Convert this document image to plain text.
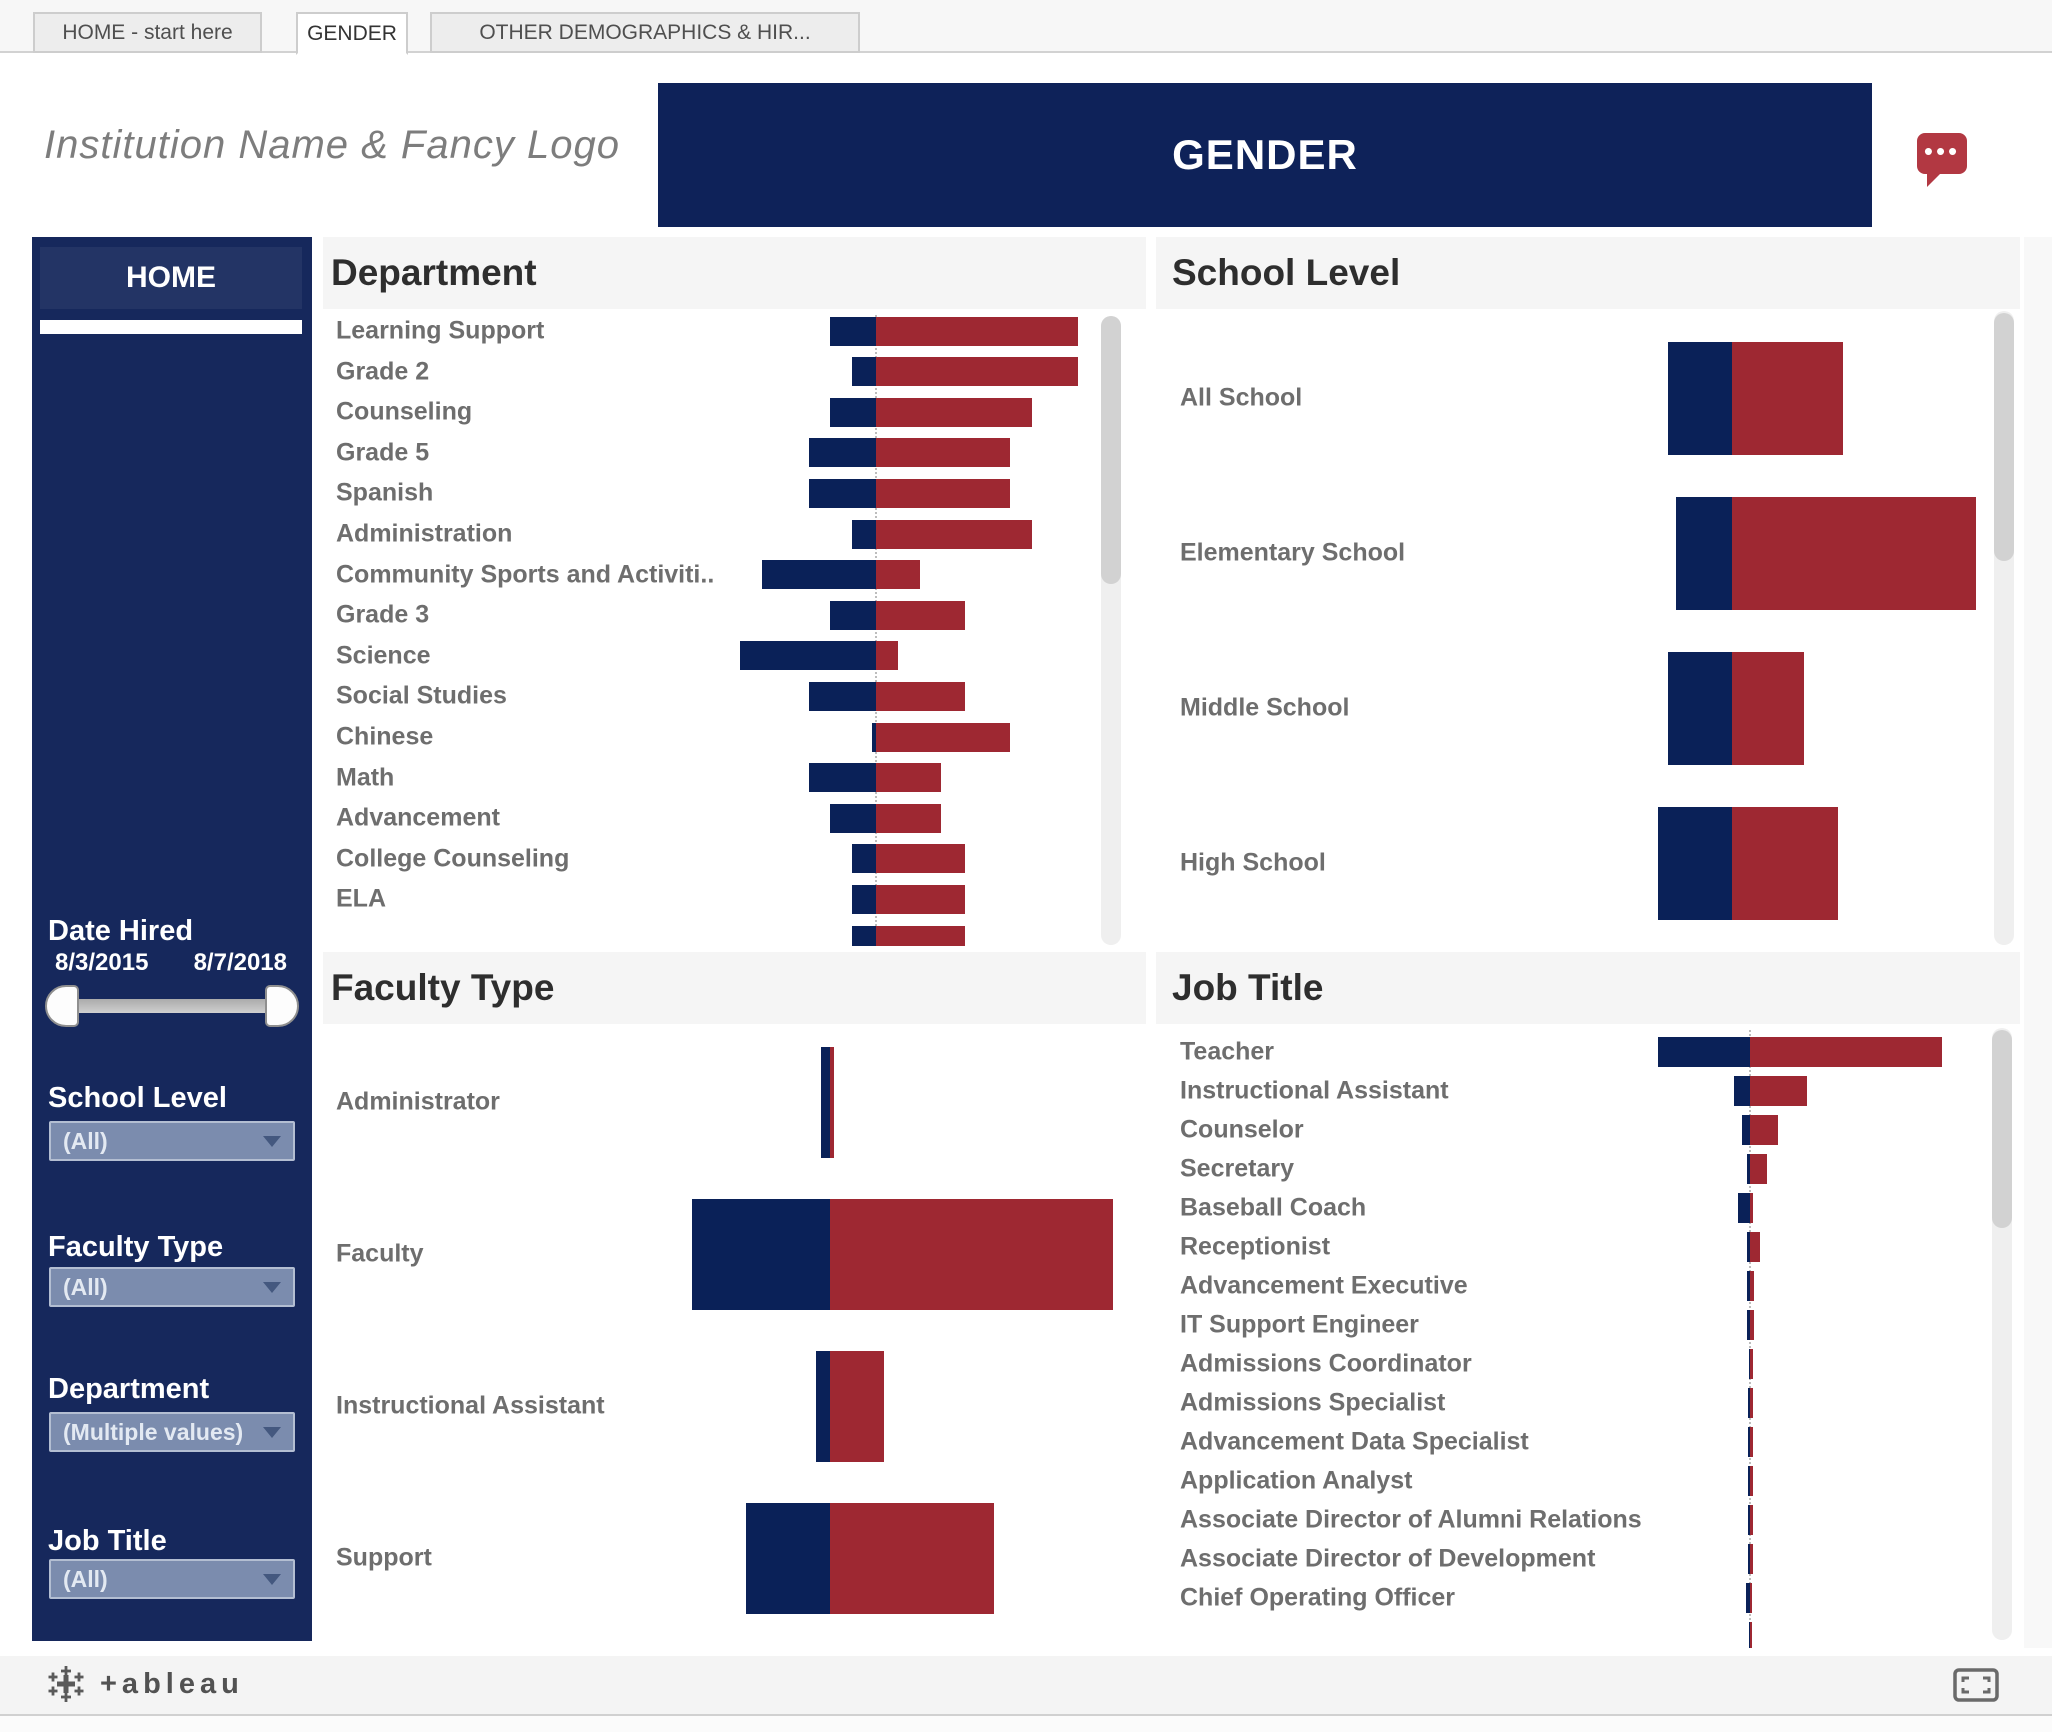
HOME - start here	GENDER	OTHER DEMOGRAPHICS & HIR...
Institution Name & Fancy Logo	GENDER	•••
HOME
Date Hired
8/3/2015 8/7/2018
School Level
(All)
Faculty Type
(All)
Department
(Multiple values)
Job Title
(All)
Department
Learning Support
Grade 2
Counseling
Grade 5
Spanish
Administration
Community Sports and Activiti..
Grade 3
Science
Social Studies
Chinese
Math
Advancement
College Counseling
ELA
School Level
All School
Elementary School
Middle School
High School
Faculty Type
Administrator
Faculty
Instructional Assistant
Support
Job Title
Teacher
Instructional Assistant
Counselor
Secretary
Baseball Coach
Receptionist
Advancement Executive
IT Support Engineer
Admissions Coordinator
Admissions Specialist
Advancement Data Specialist
Application Analyst
Associate Director of Alumni Relations
Associate Director of Development
Chief Operating Officer
+ableau
